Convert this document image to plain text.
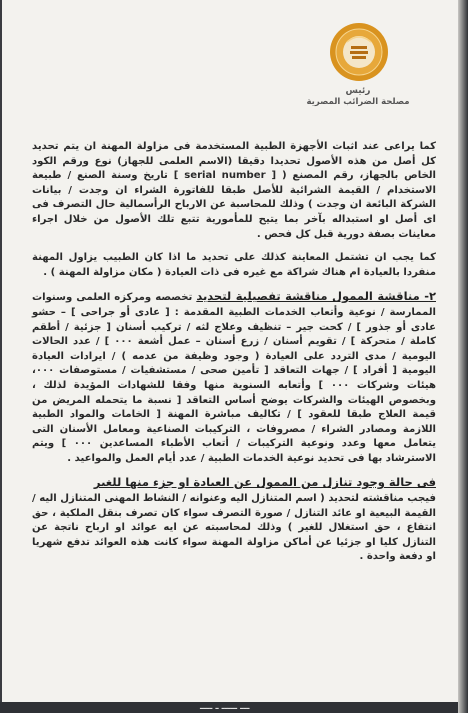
رئيس
مصلحة الضرائب المصرية

كما يراعى عند اثبات الأجهزة الطبية المستخدمة فى مزاولة المهنة ان يتم تحديد كل أصل من هذه الأصول تحديدا دقيقا (الاسم العلمى للجهاز) نوع ورقم الكود الخاص بالجهاز، رقم المصنع ( [ serial number ] تاريخ وسنة الصنع / طبيعة الاستخدام / القيمة الشرائية للأصل طبقا للفاتورة الشراء ان وجدت / بيانات الشركة البائعة ان وجدت ) وذلك للمحاسبة عن الارباح الرأسمالية حال التصرف فى اى أصل او استبداله بآخر بما يتيح للمأمورية تتبع تلك الأصول من خلال اجراء معاينات بصفة دورية قبل كل فحص .

كما يجب ان تشتمل المعاينة كذلك على تحديد ما اذا كان الطبيب يزاول المهنة منفردا بالعيادة ام هناك شراكة مع غيره فى ذات العيادة ( مكان مزاولة المهنة ) .

٢- مناقشة الممول مناقشة تفصيلية لتحديد تخصصه ومركزه العلمى وسنوات الممارسة / نوعية وأتعاب الخدمات الطبية المقدمة : [ عادى أو جراحى ] – حشو عادى أو جذور ] / كحت جير – تنظيف وعلاج لثه / تركيب أسنان [ جزئية / أطقم كاملة / متحركة ] / تقويم أسنان / زرع أسنان – عمل أشعة ٠٠٠ ] / عدد الحالات اليومية / مدى التردد على العيادة ( وجود وظيفة من عدمه ) / ايرادات العيادة اليومية [ أفراد ] / جهات التعاقد [ تأمين صحى / مستشفيات / مستوصفات ٠٠٠، هيئات وشركات ٠٠٠ ] وأتعابه السنوية منها وفقا للشهادات المؤيدة لذلك ، وبخصوص الهيئات والشركات يوضح أساس التعاقد [ نسبة ما يتحمله المريض من قيمة العلاج طبقا للعقود ] / تكاليف مباشرة المهنة [ الخامات والمواد الطبية اللازمة ومصادر الشراء / مصروفات ، التركيبات الصناعية ومعامل الأسنان التى يتعامل معها وعدد ونوعية التركيبات / أتعاب الأطباء المساعدين ٠٠٠ ] ويتم الاسترشاد بها فى تحديد نوعية الخدمات الطبية / عدد أيام العمل والمواعيد .

فى حالة وجود تنازل من الممول عن العيادة او جزء منها للغير

فيجب مناقشته لتحديد ( اسم المتنازل اليه وعنوانه / النشاط المهنى المتنازل اليه / القيمة البيعية او عائد التنازل / صورة التصرف سواء كان تصرف بنقل الملكية ، حق انتفاع ، حق استغلال للغير ) وذلك لمحاسبته عن ايه عوائد او ارباح ناتجة عن التنازل كليا او جزئيا عن أماكن مزاولة المهنة سواء كانت هذه العوائد تدفع شهريا او دفعة واحدة .

ـــ ـــــ ـ ــــ
